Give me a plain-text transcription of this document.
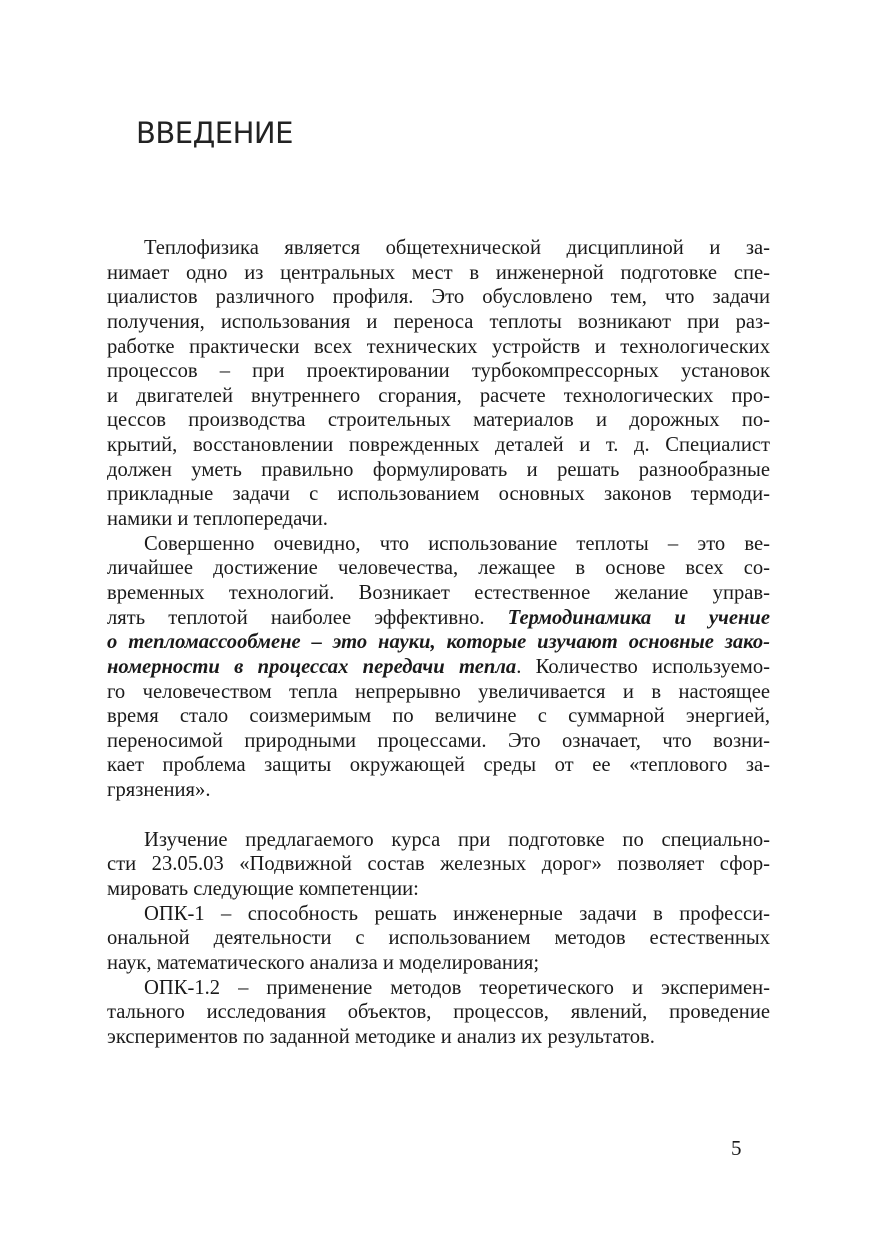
ВВЕДЕНИЕ
Теплофизика является общетехнической дисциплиной и за-
нимает одно из центральных мест в инженерной подготовке спе-
циалистов различного профиля. Это обусловлено тем, что задачи
получения, использования и переноса теплоты возникают при раз-
работке практически всех технических устройств и технологических
процессов – при проектировании турбокомпрессорных установок
и двигателей внутреннего сгорания, расчете технологических про-
цессов производства строительных материалов и дорожных по-
крытий, восстановлении поврежденных деталей и т. д. Специалист
должен уметь правильно формулировать и решать разнообразные
прикладные задачи с использованием основных законов термоди-
намики и теплопередачи.
Совершенно очевидно, что использование теплоты – это ве-
личайшее достижение человечества, лежащее в основе всех со-
временных технологий. Возникает естественное желание управ-
лять теплотой наиболее эффективно. Термодинамика и учение
о тепломассообмене – это науки, которые изучают основные зако-
номерности в процессах передачи тепла. Количество используемо-
го человечеством тепла непрерывно увеличивается и в настоящее
время стало соизмеримым по величине с суммарной энергией,
переносимой природными процессами. Это означает, что возни-
кает проблема защиты окружающей среды от ее «теплового за-
грязнения».
Изучение предлагаемого курса при подготовке по специально-
сти 23.05.03 «Подвижной состав железных дорог» позволяет сфор-
мировать следующие компетенции:
ОПК-1 – способность решать инженерные задачи в професси-
ональной деятельности с использованием методов естественных
наук, математического анализа и моделирования;
ОПК-1.2 – применение методов теоретического и эксперимен-
тального исследования объектов, процессов, явлений, проведение
экспериментов по заданной методике и анализ их результатов.
5
